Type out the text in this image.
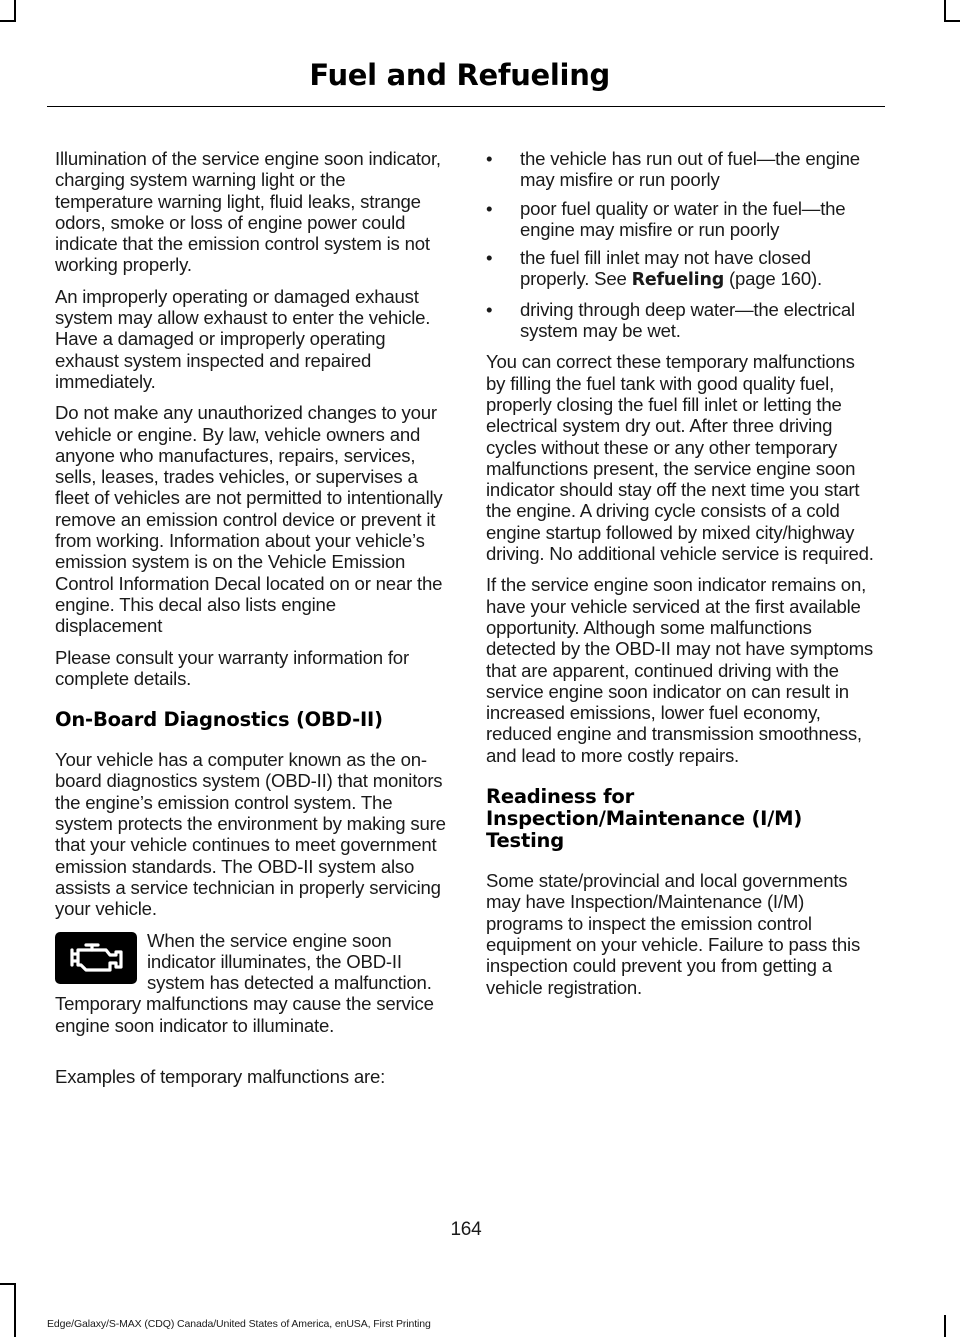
Fuel and Refueling

Illumination of the service engine soon indicator, charging system warning light or the temperature warning light, fluid leaks, strange odors, smoke or loss of engine power could indicate that the emission control system is not working properly.

An improperly operating or damaged exhaust system may allow exhaust to enter the vehicle. Have a damaged or improperly operating exhaust system inspected and repaired immediately.

Do not make any unauthorized changes to your vehicle or engine. By law, vehicle owners and anyone who manufactures, repairs, services, sells, leases, trades vehicles, or supervises a fleet of vehicles are not permitted to intentionally remove an emission control device or prevent it from working. Information about your vehicle’s emission system is on the Vehicle Emission Control Information Decal located on or near the engine. This decal also lists engine displacement

Please consult your warranty information for complete details.

On-Board Diagnostics (OBD-II)

Your vehicle has a computer known as the on-board diagnostics system (OBD-II) that monitors the engine’s emission control system. The system protects the environment by making sure that your vehicle continues to meet government emission standards. The OBD-II system also assists a service technician in properly servicing your vehicle.

When the service engine soon indicator illuminates, the OBD-II system has detected a malfunction. Temporary malfunctions may cause the service engine soon indicator to illuminate.

Examples of temporary malfunctions are:

• the vehicle has run out of fuel—the engine may misfire or run poorly
• poor fuel quality or water in the fuel—the engine may misfire or run poorly
• the fuel fill inlet may not have closed properly. See Refueling (page 160).
• driving through deep water—the electrical system may be wet.

You can correct these temporary malfunctions by filling the fuel tank with good quality fuel, properly closing the fuel fill inlet or letting the electrical system dry out. After three driving cycles without these or any other temporary malfunctions present, the service engine soon indicator should stay off the next time you start the engine. A driving cycle consists of a cold engine startup followed by mixed city/highway driving. No additional vehicle service is required.

If the service engine soon indicator remains on, have your vehicle serviced at the first available opportunity. Although some malfunctions detected by the OBD-II may not have symptoms that are apparent, continued driving with the service engine soon indicator on can result in increased emissions, lower fuel economy, reduced engine and transmission smoothness, and lead to more costly repairs.

Readiness for Inspection/Maintenance (I/M) Testing

Some state/provincial and local governments may have Inspection/Maintenance (I/M) programs to inspect the emission control equipment on your vehicle. Failure to pass this inspection could prevent you from getting a vehicle registration.

164

Edge/Galaxy/S-MAX (CDQ) Canada/United States of America, enUSA, First Printing
